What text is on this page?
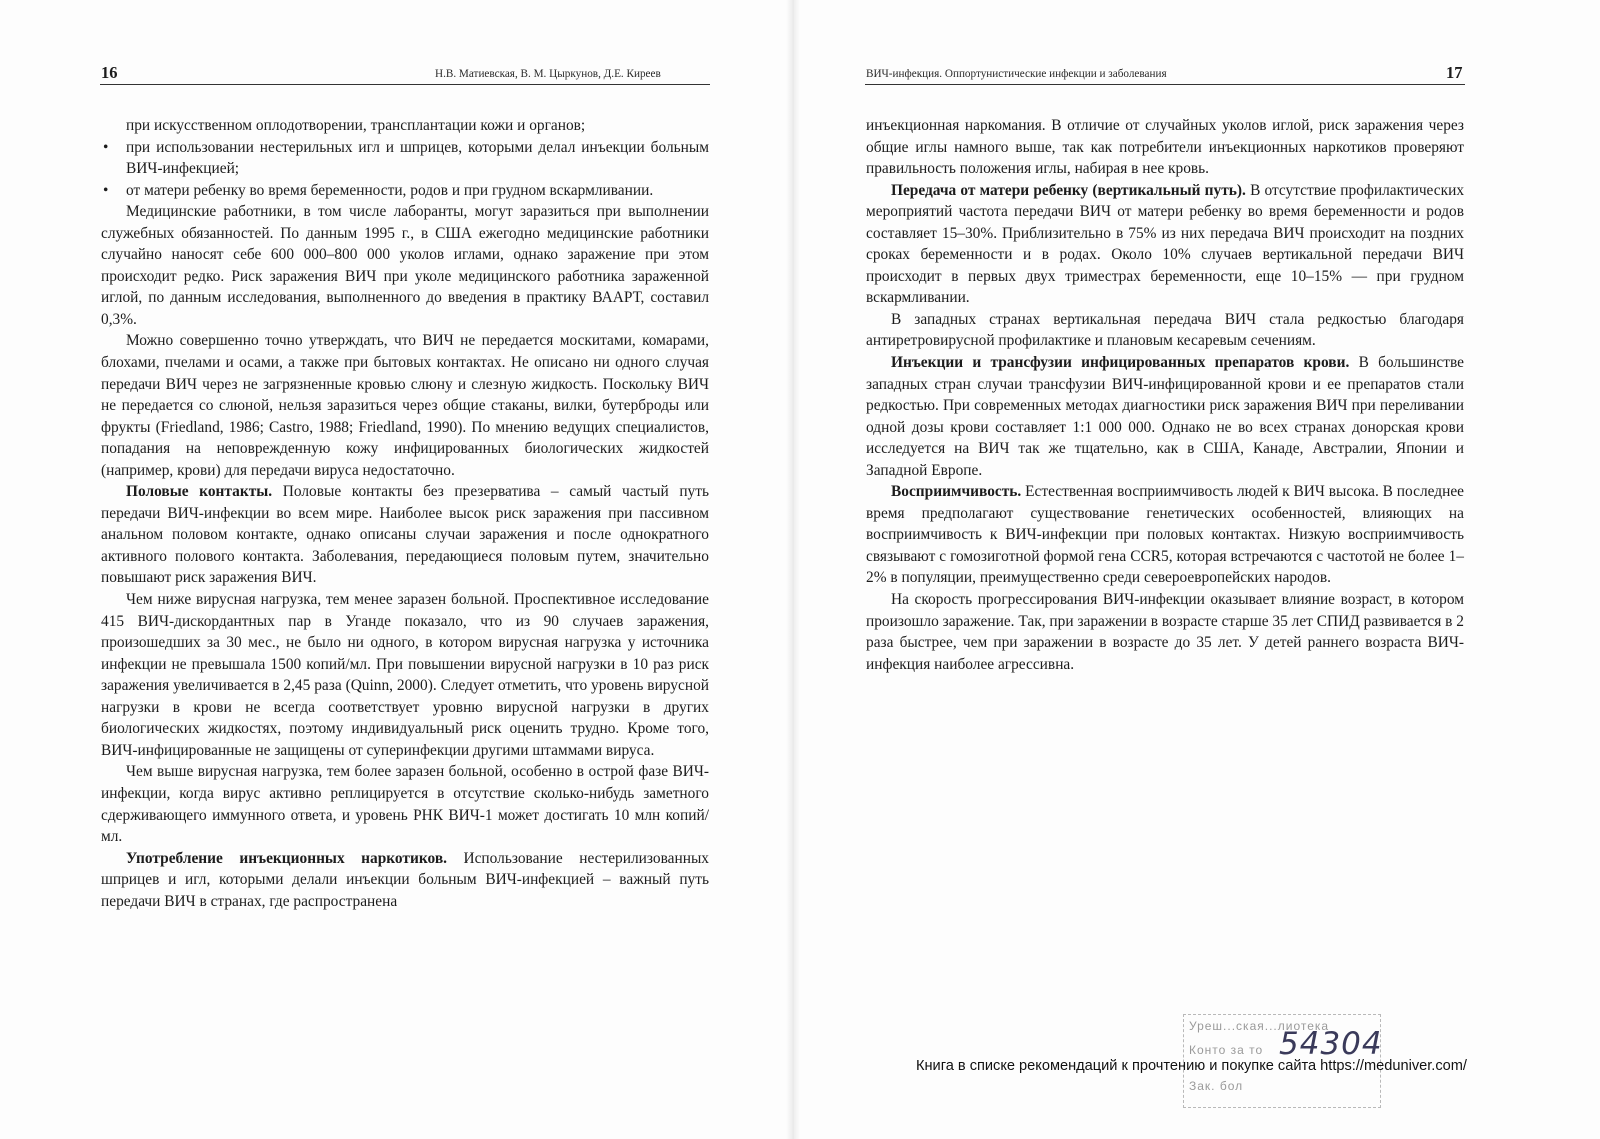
16	Н.В. Матиевская, В. М. Цыркунов, Д.Е. Киреев	ВИЧ-инфекция. Оппортунистические инфекции и заболевания	17

при искусственном оплодотворении, трансплантации кожи и органов;

•	при использовании нестерильных игл и шприцев, которыми делал инъекции больным ВИЧ-инфекцией;
•	от матери ребенку во время беременности, родов и при грудном вскармливании.

Медицинские работники, в том числе лаборанты, могут заразиться при выполнении служебных обязанностей. По данным 1995 г., в США ежегодно медицинские работники случайно наносят себе 600 000–800 000 уколов иглами, однако заражение при этом происходит редко. Риск заражения ВИЧ при уколе медицинского работника зараженной иглой, по данным исследования, выполненного до введения в практику ВААРТ, составил 0,3%.

Можно совершенно точно утверждать, что ВИЧ не передается москитами, комарами, блохами, пчелами и осами, а также при бытовых контактах. Не описано ни одного случая передачи ВИЧ через не загрязненные кровью слюну и слезную жидкость. Поскольку ВИЧ не передается со слюной, нельзя заразиться через общие стаканы, вилки, бутерброды или фрукты (Friedland, 1986; Castro, 1988; Friedland, 1990). По мнению ведущих специалистов, попадания на неповрежденную кожу инфицированных биологических жидкостей (например, крови) для передачи вируса недостаточно.

Половые контакты. Половые контакты без презерватива – самый частый путь передачи ВИЧ-инфекции во всем мире. Наиболее высок риск заражения при пассивном анальном половом контакте, однако описаны случаи заражения и после однократного активного полового контакта. Заболевания, передающиеся половым путем, значительно повышают риск заражения ВИЧ.

Чем ниже вирусная нагрузка, тем менее заразен больной. Проспективное исследование 415 ВИЧ-дискордантных пар в Уганде показало, что из 90 случаев заражения, произошедших за 30 мес., не было ни одного, в котором вирусная нагрузка у источника инфекции не превышала 1500 копий/мл. При повышении вирусной нагрузки в 10 раз риск заражения увеличивается в 2,45 раза (Quinn, 2000). Следует отметить, что уровень вирусной нагрузки в крови не всегда соответствует уровню вирусной нагрузки в других биологических жидкостях, поэтому индивидуальный риск оценить трудно. Кроме того, ВИЧ-инфицированные не защищены от суперинфекции другими штаммами вируса.

Чем выше вирусная нагрузка, тем более заразен больной, особенно в острой фазе ВИЧ-инфекции, когда вирус активно реплицируется в отсутствие сколько-нибудь заметного сдерживающего иммунного ответа, и уровень РНК ВИЧ-1 может достигать 10 млн копий/мл.

Употребление инъекционных наркотиков. Использование нестерилизованных шприцев и игл, которыми делали инъекции больным ВИЧ-инфекцией – важный путь передачи ВИЧ в странах, где распространена

инъекционная наркомания. В отличие от случайных уколов иглой, риск заражения через общие иглы намного выше, так как потребители инъекционных наркотиков проверяют правильность положения иглы, набирая в нее кровь.

Передача от матери ребенку (вертикальный путь). В отсутствие профилактических мероприятий частота передачи ВИЧ от матери ребенку во время беременности и родов составляет 15–30%. Приблизительно в 75% из них передача ВИЧ происходит на поздних сроках беременности и в родах. Около 10% случаев вертикальной передачи ВИЧ происходит в первых двух триместрах беременности, еще 10–15% — при грудном вскармливании.

В западных странах вертикальная передача ВИЧ стала редкостью благодаря антиретровирусной профилактике и плановым кесаревым сечениям.

Инъекции и трансфузии инфицированных препаратов крови. В большинстве западных стран случаи трансфузии ВИЧ-инфицированной крови и ее препаратов стали редкостью. При современных методах диагностики риск заражения ВИЧ при переливании одной дозы крови составляет 1:1 000 000. Однако не во всех странах донорская крови исследуется на ВИЧ так же тщательно, как в США, Канаде, Австралии, Японии и Западной Европе.

Восприимчивость. Естественная восприимчивость людей к ВИЧ высока. В последнее время предполагают существование генетических особенностей, влияющих на восприимчивость к ВИЧ-инфекции при половых контактах. Низкую восприимчивость связывают с гомозиготной формой гена CCR5, которая встречаются с частотой не более 1–2% в популяции, преимущественно среди североевропейских народов.

На скорость прогрессирования ВИЧ-инфекции оказывает влияние возраст, в котором произошло заражение. Так, при заражении в возрасте старше 35 лет СПИД развивается в 2 раза быстрее, чем при заражении в возрасте до 35 лет. У детей раннего возраста ВИЧ-инфекция наиболее агрессивна.

Уреш...ская...лиотека
Конто за то
Зак. бол
54304
Книга в списке рекомендаций к прочтению и покупке сайта https://meduniver.com/
